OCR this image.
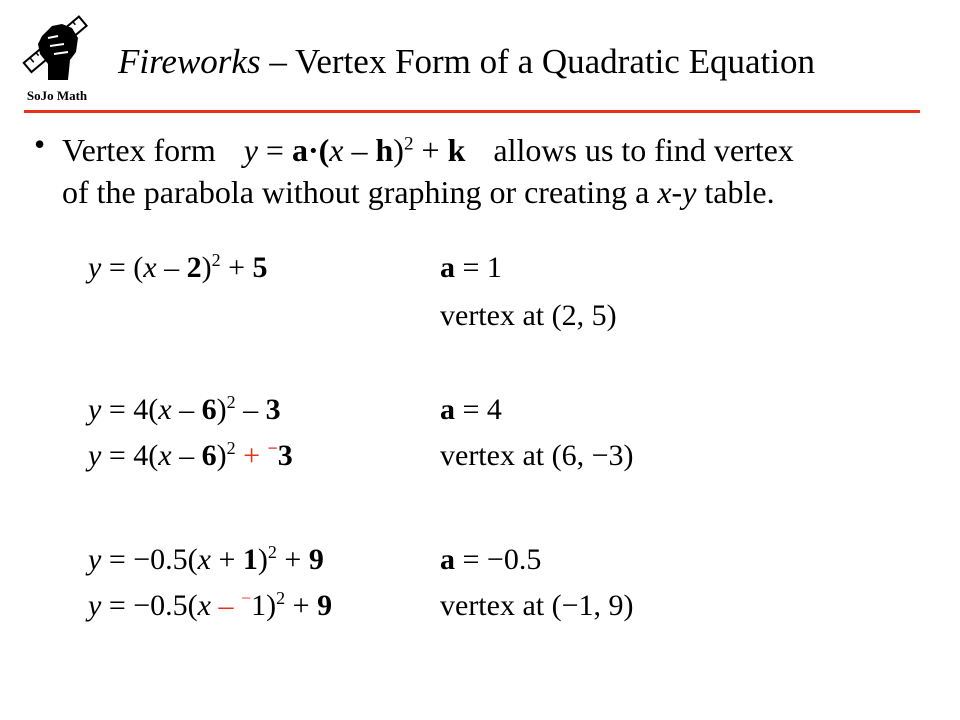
SoJo Math
Fireworks – Vertex Form of a Quadratic Equation
• Vertex form y = a·(x – h)$^2$ + k allows us to find vertex
of the parabola without graphing or creating a x-y table.
y = (x – 2)$^2$ + 5	a = 1
vertex at (2, 5)
y = 4(x – 6)$^2$ – 3
y = 4(x – 6)$^2$ + −3
a = 4
vertex at (6, −3)
$y = -0.5(x + 1)^2 + 9$
y = −0.5(x – −1)$^2$ + 9
a = −0.5
vertex at (−1, 9)
